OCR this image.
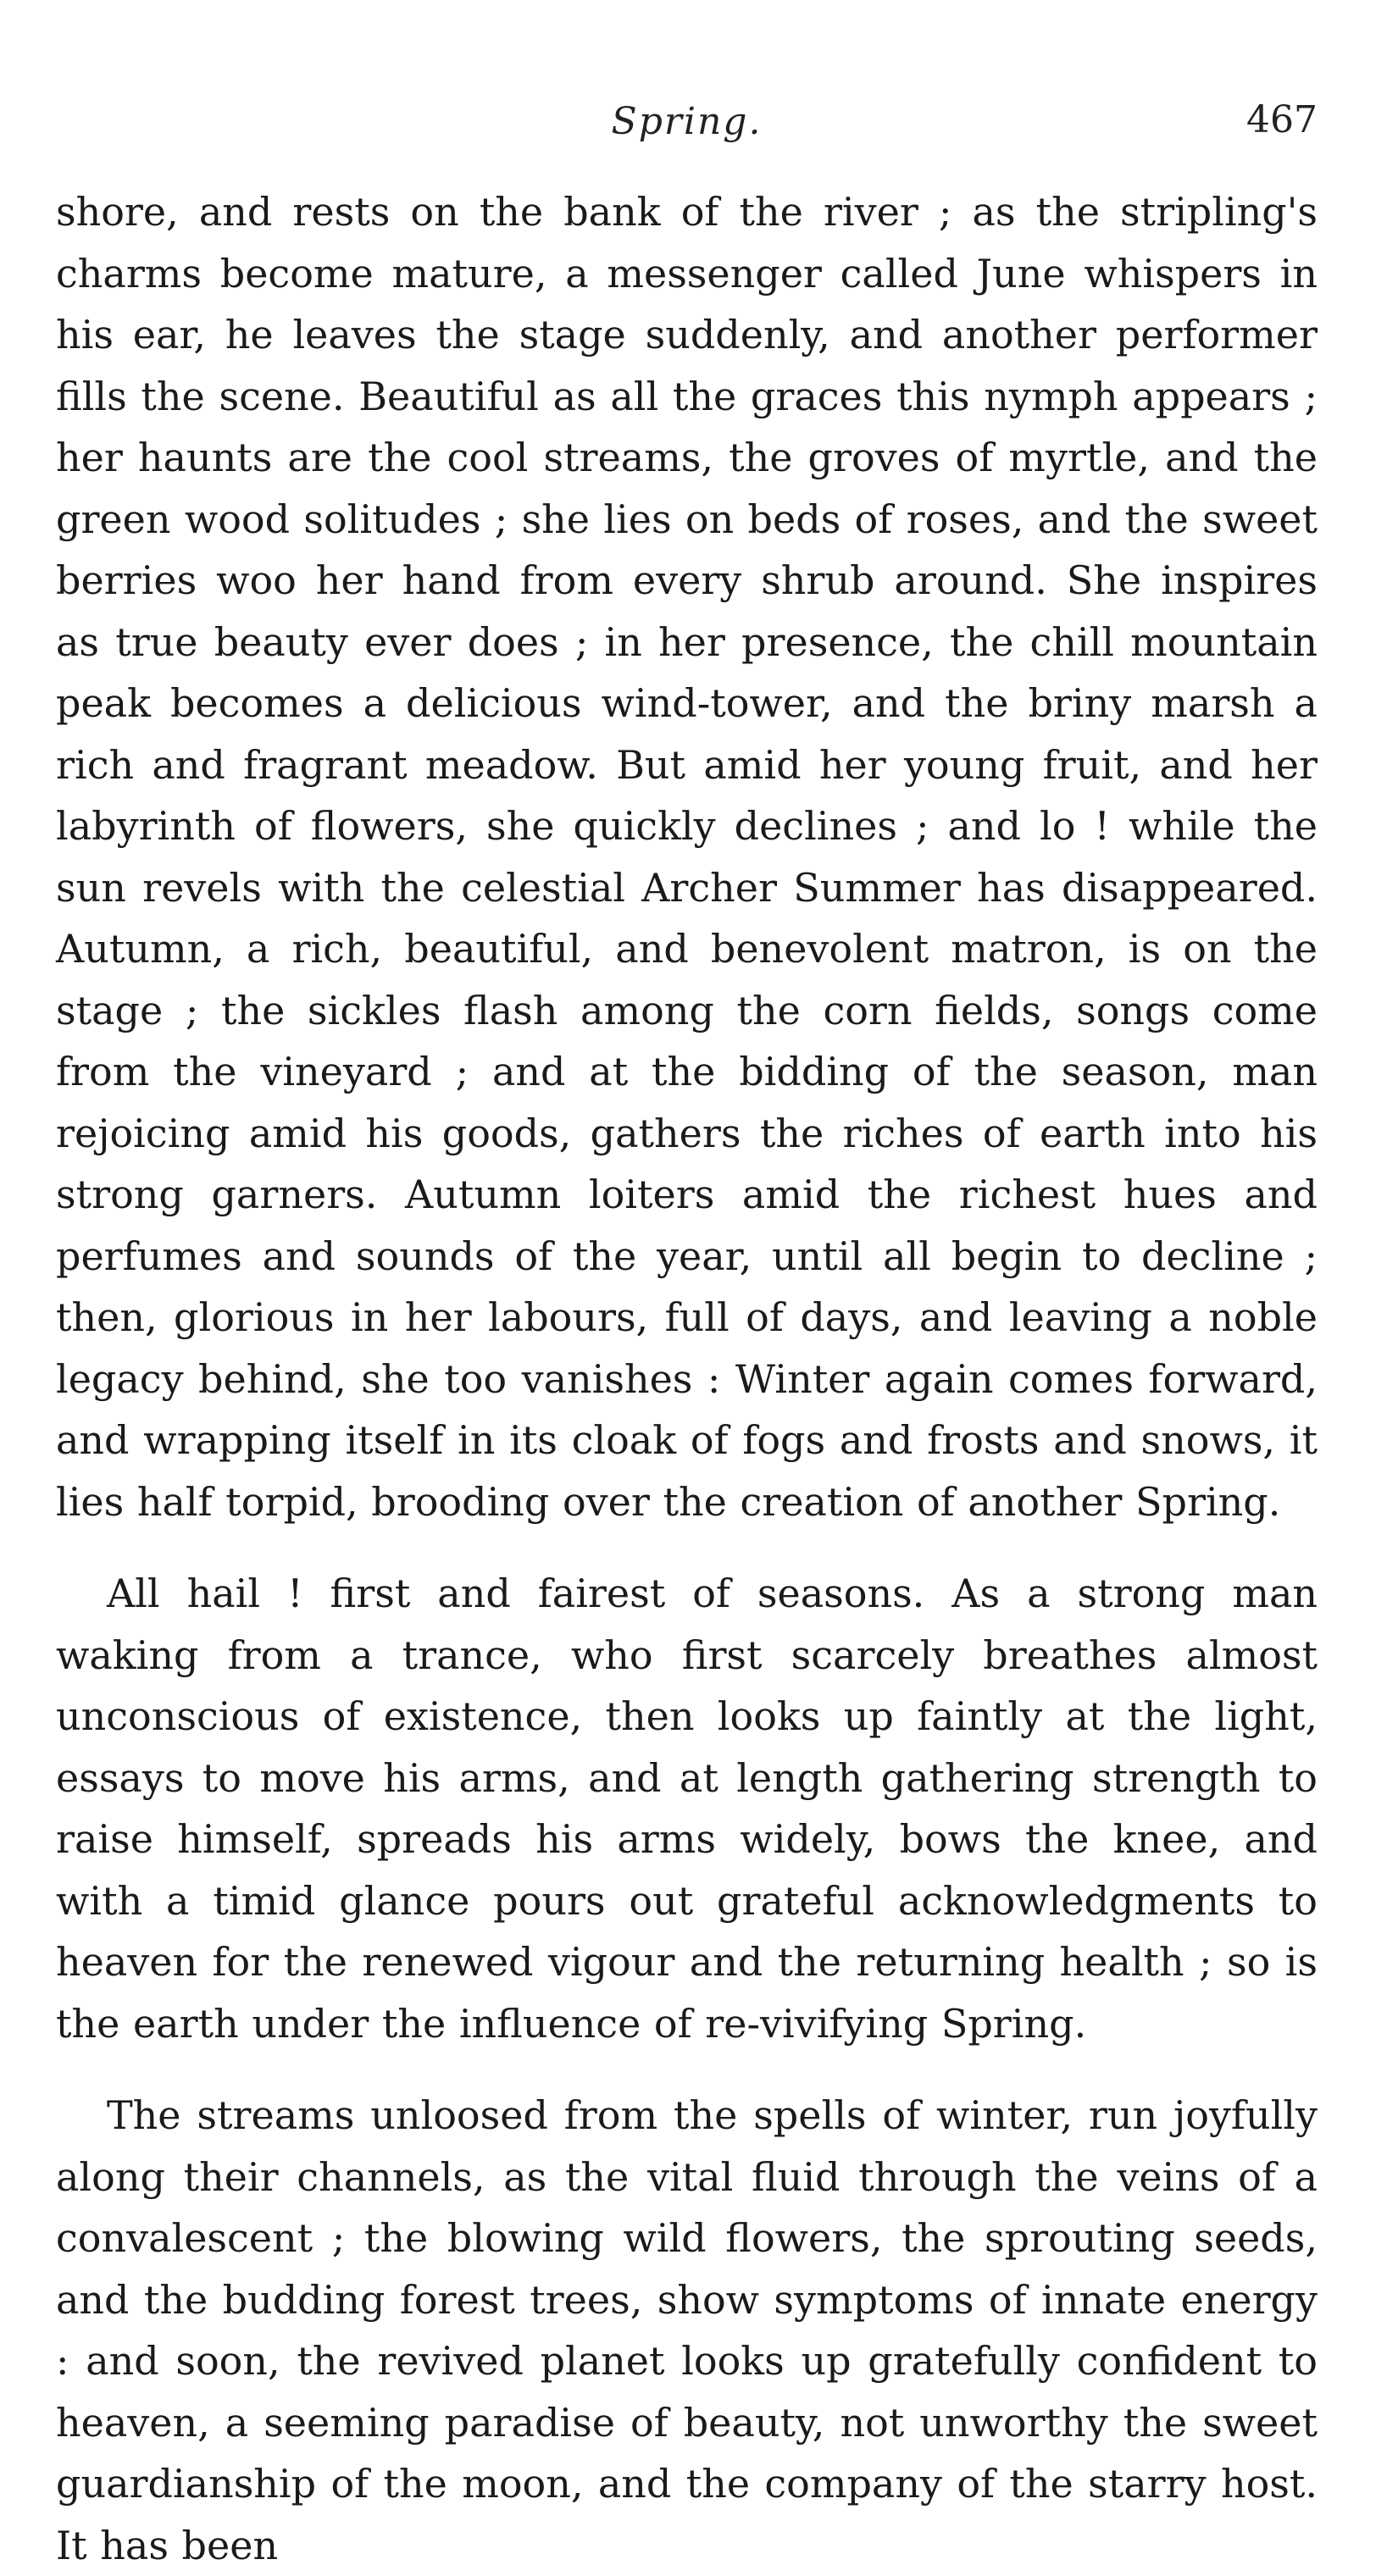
Spring.	467

shore, and rests on the bank of the river ; as the stripling's charms become mature, a messenger called June whispers in his ear, he leaves the stage suddenly, and another performer fills the scene. Beautiful as all the graces this nymph appears ; her haunts are the cool streams, the groves of myrtle, and the green wood solitudes ; she lies on beds of roses, and the sweet berries woo her hand from every shrub around. She inspires as true beauty ever does ; in her presence, the chill mountain peak becomes a delicious wind-tower, and the briny marsh a rich and fragrant meadow. But amid her young fruit, and her labyrinth of flowers, she quickly declines ; and lo ! while the sun revels with the celestial Archer Summer has disappeared. Autumn, a rich, beautiful, and benevolent matron, is on the stage ; the sickles flash among the corn fields, songs come from the vineyard ; and at the bidding of the season, man rejoicing amid his goods, gathers the riches of earth into his strong garners. Autumn loiters amid the richest hues and perfumes and sounds of the year, until all begin to decline ; then, glorious in her labours, full of days, and leaving a noble legacy behind, she too vanishes : Winter again comes forward, and wrapping itself in its cloak of fogs and frosts and snows, it lies half torpid, brooding over the creation of another Spring.

All hail ! first and fairest of seasons. As a strong man waking from a trance, who first scarcely breathes almost unconscious of existence, then looks up faintly at the light, essays to move his arms, and at length gathering strength to raise himself, spreads his arms widely, bows the knee, and with a timid glance pours out grateful acknowledgments to heaven for the renewed vigour and the returning health ; so is the earth under the influence of re-vivifying Spring.

The streams unloosed from the spells of winter, run joyfully along their channels, as the vital fluid through the veins of a convalescent ; the blowing wild flowers, the sprouting seeds, and the budding forest trees, show symptoms of innate energy : and soon, the revived planet looks up gratefully confident to heaven, a seeming paradise of beauty, not unworthy the sweet guardianship of the moon, and the company of the starry host. It has been
